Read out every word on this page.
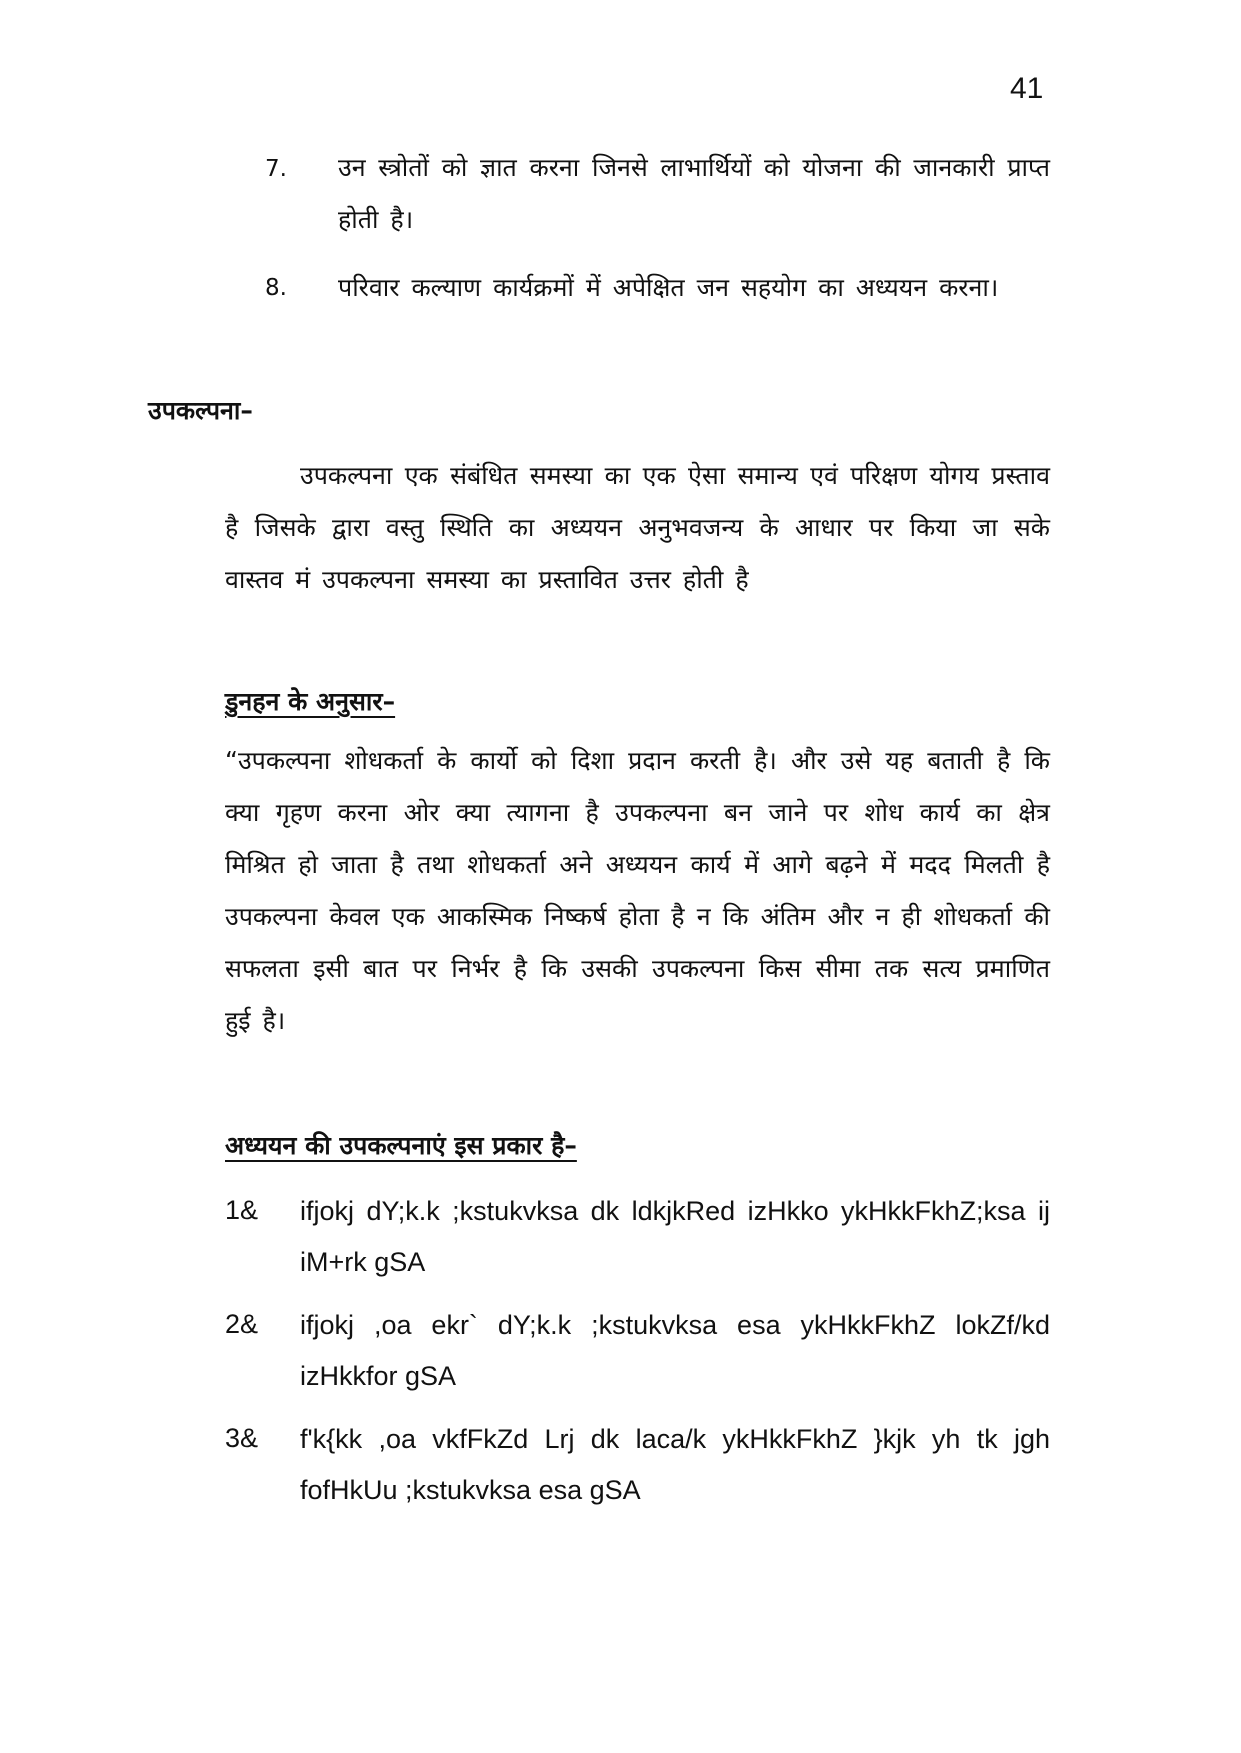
41
7. उन स्त्रोतों को ज्ञात करना जिनसे लाभार्थियों को योजना की जानकारी प्राप्त होती है।
8. परिवार कल्याण कार्यक्रमों में अपेक्षित जन सहयोग का अध्ययन करना।
उपकल्पना–
उपकल्पना एक संबंधित समस्या का एक ऐसा समान्य एवं परिक्षण योगय प्रस्ताव है जिसके द्वारा वस्तु स्थिति का अध्ययन अनुभवजन्य के आधार पर किया जा सके वास्तव मं उपकल्पना समस्या का प्रस्तावित उत्तर होती है
डुनहन के अनुसार–
“उपकल्पना शोधकर्ता के कार्यो को दिशा प्रदान करती है। और उसे यह बताती है कि क्या गृहण करना ओर क्या त्यागना है उपकल्पना बन जाने पर शोध कार्य का क्षेत्र मिश्रित हो जाता है तथा शोधकर्ता अने अध्ययन कार्य में आगे बढ़ने में मदद मिलती है उपकल्पना केवल एक आकस्मिक निष्कर्ष होता है न कि अंतिम और न ही शोधकर्ता की सफलता इसी बात पर निर्भर है कि उसकी उपकल्पना किस सीमा तक सत्य प्रमाणित हुई है।
अध्ययन की उपकल्पनाएं इस प्रकार है–
1& ifjokj dY;k.k ;kstukvksa dk ldkjkRed izHkko ykHkkFkhZ;ksa ij iM+rk gSA
2& ifjokj ,oa ekr` dY;k.k ;kstukvksa esa ykHkkFkhZ lokZf/kd izHkkfor gSA
3& f'k{kk ,oa vkfFkZd Lrj dk laca/k ykHkkFkhZ }kjk yh tk jgh fofHkUu ;kstukvksa esa gSA
